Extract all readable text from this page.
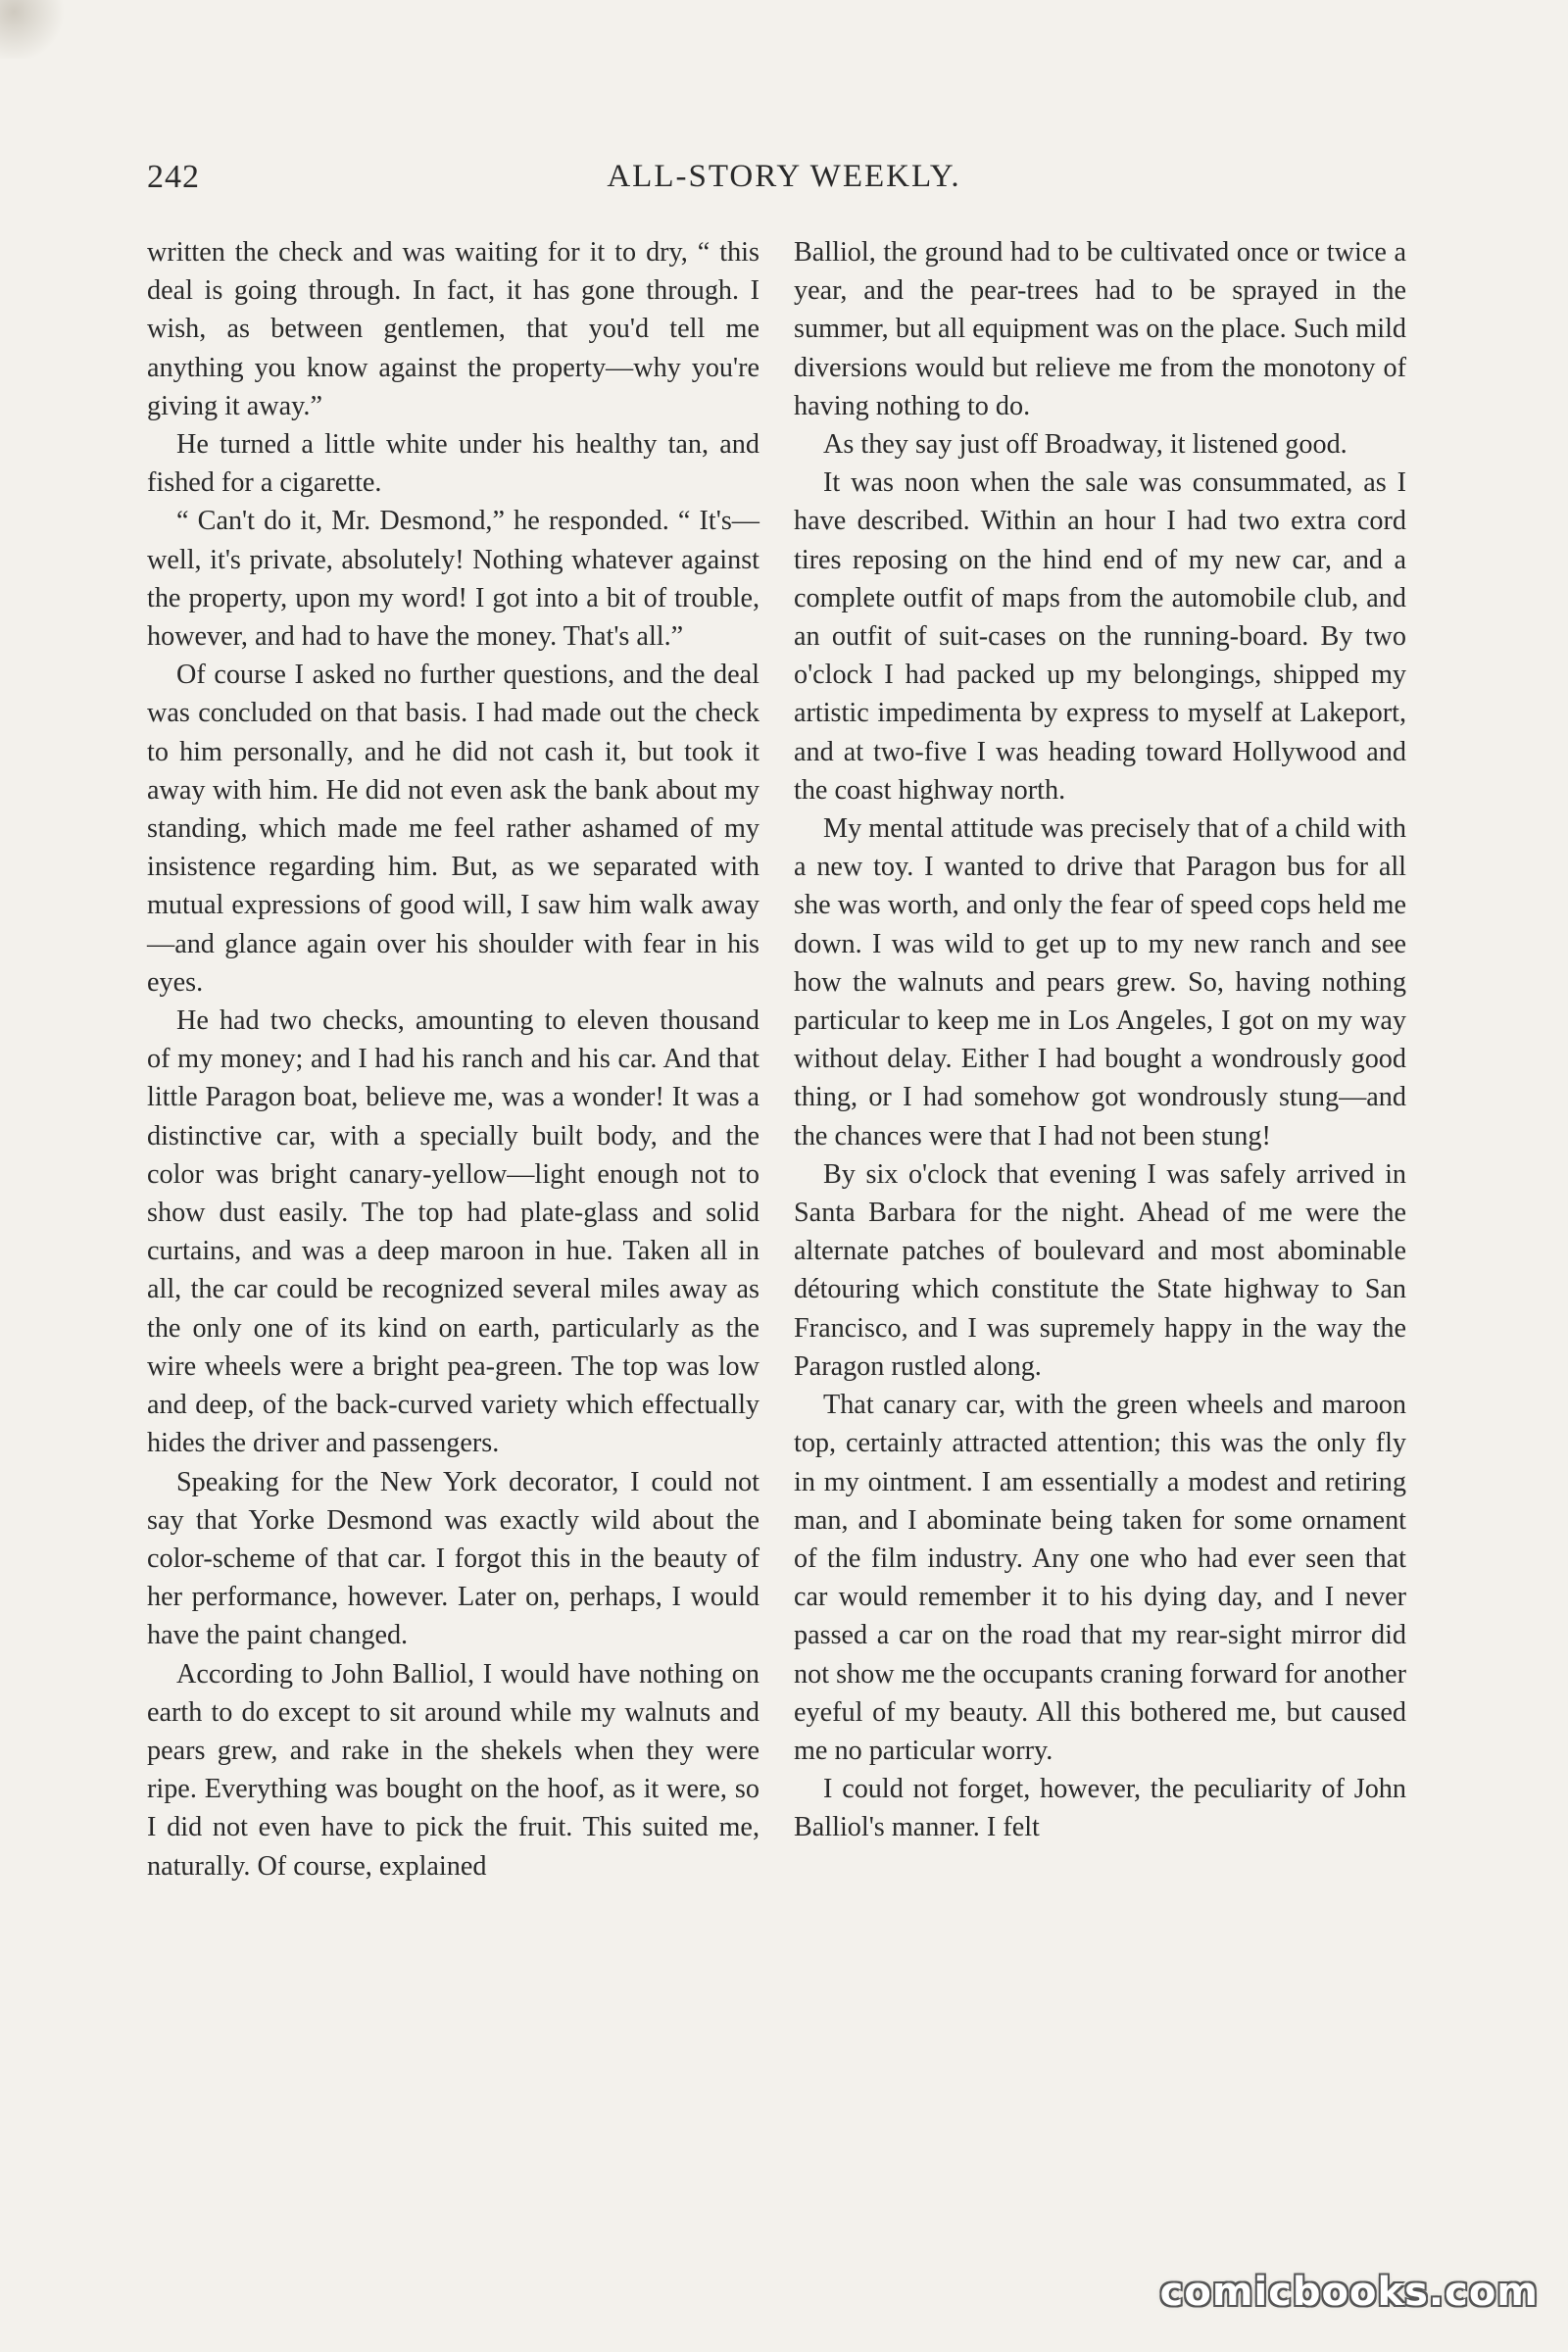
242	ALL-STORY WEEKLY.

written the check and was waiting for it to dry, “ this deal is going through. In fact, it has gone through. I wish, as between gentlemen, that you'd tell me anything you know against the property—why you're giving it away.”

He turned a little white under his healthy tan, and fished for a cigarette.

“ Can't do it, Mr. Desmond,” he responded. “ It's—well, it's private, absolutely! Nothing whatever against the property, upon my word! I got into a bit of trouble, however, and had to have the money. That's all.”

Of course I asked no further questions, and the deal was concluded on that basis. I had made out the check to him personally, and he did not cash it, but took it away with him. He did not even ask the bank about my standing, which made me feel rather ashamed of my insistence regarding him. But, as we separated with mutual expressions of good will, I saw him walk away —and glance again over his shoulder with fear in his eyes.

He had two checks, amounting to eleven thousand of my money; and I had his ranch and his car. And that little Paragon boat, believe me, was a wonder! It was a distinctive car, with a specially built body, and the color was bright canary-yellow—light enough not to show dust easily. The top had plate-glass and solid curtains, and was a deep maroon in hue. Taken all in all, the car could be recognized several miles away as the only one of its kind on earth, particularly as the wire wheels were a bright pea-green. The top was low and deep, of the back-curved variety which effectually hides the driver and passengers.

Speaking for the New York decorator, I could not say that Yorke Desmond was exactly wild about the color-scheme of that car. I forgot this in the beauty of her performance, however. Later on, perhaps, I would have the paint changed.

According to John Balliol, I would have nothing on earth to do except to sit around while my walnuts and pears grew, and rake in the shekels when they were ripe. Everything was bought on the hoof, as it were, so I did not even have to pick the fruit. This suited me, naturally. Of course, explained

Balliol, the ground had to be cultivated once or twice a year, and the pear-trees had to be sprayed in the summer, but all equipment was on the place. Such mild diversions would but relieve me from the monotony of having nothing to do.

As they say just off Broadway, it listened good.

It was noon when the sale was consummated, as I have described. Within an hour I had two extra cord tires reposing on the hind end of my new car, and a complete outfit of maps from the automobile club, and an outfit of suit-cases on the running-board. By two o'clock I had packed up my belongings, shipped my artistic impedimenta by express to myself at Lakeport, and at two-five I was heading toward Hollywood and the coast highway north.

My mental attitude was precisely that of a child with a new toy. I wanted to drive that Paragon bus for all she was worth, and only the fear of speed cops held me down. I was wild to get up to my new ranch and see how the walnuts and pears grew. So, having nothing particular to keep me in Los Angeles, I got on my way without delay. Either I had bought a wondrously good thing, or I had somehow got wondrously stung—and the chances were that I had not been stung!

By six o'clock that evening I was safely arrived in Santa Barbara for the night. Ahead of me were the alternate patches of boulevard and most abominable détouring which constitute the State highway to San Francisco, and I was supremely happy in the way the Paragon rustled along.

That canary car, with the green wheels and maroon top, certainly attracted attention; this was the only fly in my ointment. I am essentially a modest and retiring man, and I abominate being taken for some ornament of the film industry. Any one who had ever seen that car would remember it to his dying day, and I never passed a car on the road that my rear-sight mirror did not show me the occupants craning forward for another eyeful of my beauty. All this bothered me, but caused me no particular worry.

I could not forget, however, the peculiarity of John Balliol's manner. I felt

comicbooks.com
